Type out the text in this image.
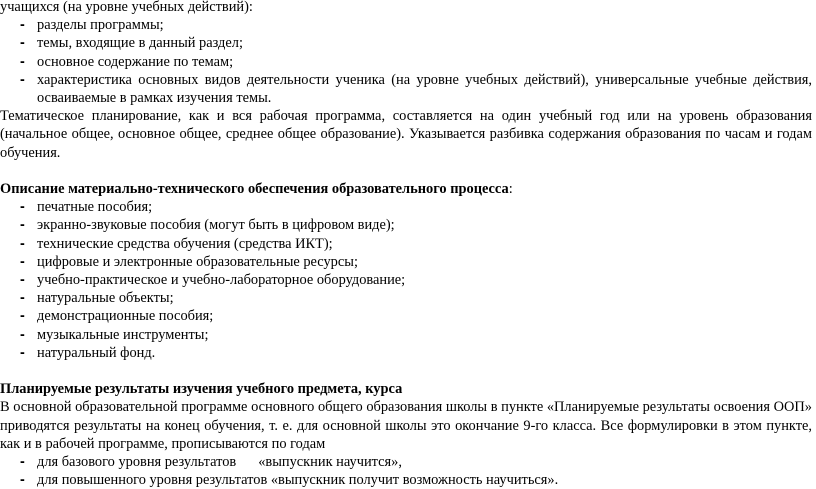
учащихся (на уровне учебных действий):

- разделы программы;
- темы, входящие в данный раздел;
- основное содержание по темам;
- характеристика основных видов деятельности ученика (на уровне учебных действий), универсальные учебные действия, осваиваемые в рамках изучения темы.

Тематическое планирование, как и вся рабочая программа, составляется на один учебный год или на уровень образования (начальное общее, основное общее, среднее общее образование). Указывается разбивка содержания образования по часам и годам обучения.

Описание материально-технического обеспечения образовательного процесса:

- печатные пособия;
- экранно-звуковые пособия (могут быть в цифровом виде);
- технические средства обучения (средства ИКТ);
- цифровые и электронные образовательные ресурсы;
- учебно-практическое и учебно-лабораторное оборудование;
- натуральные объекты;
- демонстрационные пособия;
- музыкальные инструменты;
- натуральный фонд.

Планируемые результаты изучения учебного предмета, курса

В основной образовательной программе основного общего образования школы в пункте «Планируемые результаты освоения ООП» приводятся результаты на конец обучения, т. е. для основной школы это окончание 9-го класса. Все формулировки в этом пункте, как и в рабочей программе, прописываются по годам

- для базового уровня результатов «выпускник научится»,
- для повышенного уровня результатов «выпускник получит возможность научиться».
